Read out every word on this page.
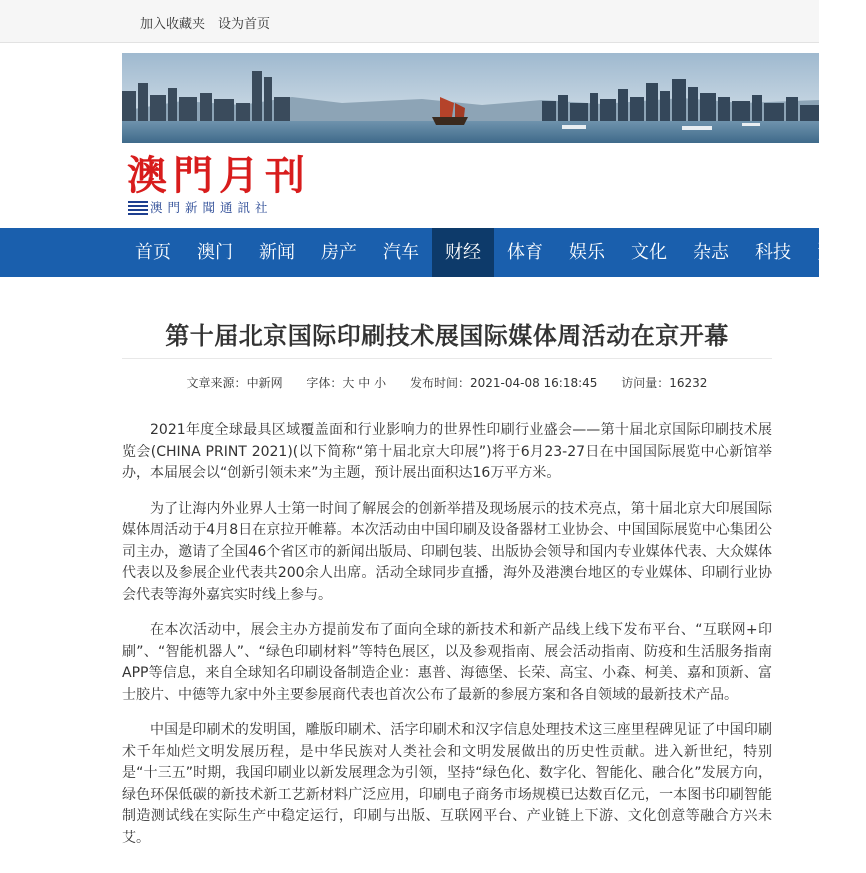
加入收藏夹 设为首页
澳門月刊
澳門新聞通訊社
首页	澳门	新闻	房产	汽车	财经	体育	娱乐	文化	杂志	科技	资讯
第十届北京国际印刷技术展国际媒体周活动在京开幕
文章来源：中新网 字体：大 中 小 发布时间：2021-04-08 16:18:45 访问量：16232

2021年度全球最具区域覆盖面和行业影响力的世界性印刷行业盛会——第十届北京国际印刷技术展览会(CHINA PRINT 2021)(以下简称“第十届北京大印展”)将于6月23-27日在中国国际展览中心新馆举办，本届展会以“创新引领未来”为主题，预计展出面积达16万平方米。

为了让海内外业界人士第一时间了解展会的创新举措及现场展示的技术亮点，第十届北京大印展国际媒体周活动于4月8日在京拉开帷幕。本次活动由中国印刷及设备器材工业协会、中国国际展览中心集团公司主办，邀请了全国46个省区市的新闻出版局、印刷包装、出版协会领导和国内专业媒体代表、大众媒体代表以及参展企业代表共200余人出席。活动全球同步直播，海外及港澳台地区的专业媒体、印刷行业协会代表等海外嘉宾实时线上参与。

在本次活动中，展会主办方提前发布了面向全球的新技术和新产品线上线下发布平台、“互联网+印刷”、“智能机器人”、“绿色印刷材料”等特色展区，以及参观指南、展会活动指南、防疫和生活服务指南APP等信息，来自全球知名印刷设备制造企业：惠普、海德堡、长荣、高宝、小森、柯美、嘉和顶新、富士胶片、中德等九家中外主要参展商代表也首次公布了最新的参展方案和各自领域的最新技术产品。

中国是印刷术的发明国，雕版印刷术、活字印刷术和汉字信息处理技术这三座里程碑见证了中国印刷术千年灿烂文明发展历程，是中华民族对人类社会和文明发展做出的历史性贡献。进入新世纪，特别是“十三五”时期，我国印刷业以新发展理念为引领，坚持“绿色化、数字化、智能化、融合化”发展方向，绿色环保低碳的新技术新工艺新材料广泛应用，印刷电子商务市场规模已达数百亿元，一本图书印刷智能制造测试线在实际生产中稳定运行，印刷与出版、互联网平台、产业链上下游、文化创意等融合方兴未艾。
